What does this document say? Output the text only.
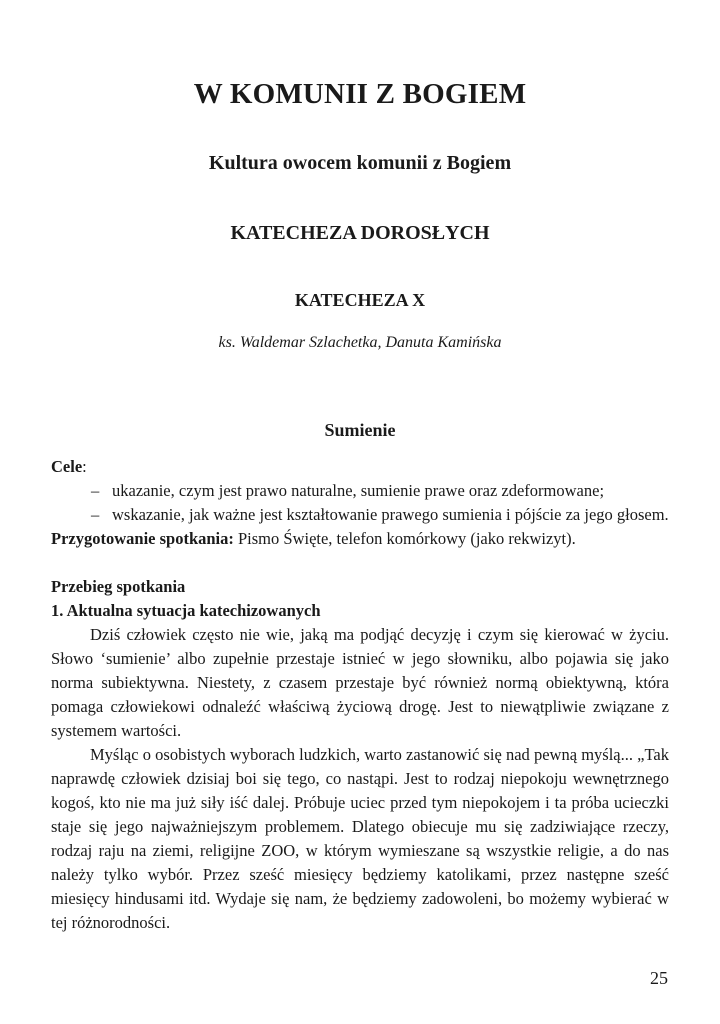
W KOMUNII Z BOGIEM
Kultura owocem komunii z Bogiem
KATECHEZA DOROSŁYCH
KATECHEZA X
ks. Waldemar Szlachetka, Danuta Kamińska
Sumienie

Cele:

– ukazanie, czym jest prawo naturalne, sumienie prawe oraz zdeformowane;
– wskazanie, jak ważne jest kształtowanie prawego sumienia i pójście za jego głosem.

Przygotowanie spotkania: Pismo Święte, telefon komórkowy (jako rekwizyt).

Przebieg spotkania

1. Aktualna sytuacja katechizowanych

Dziś człowiek często nie wie, jaką ma podjąć decyzję i czym się kierować w życiu. Słowo ‘sumienie’ albo zupełnie przestaje istnieć w jego słowniku, albo pojawia się jako norma subiektywna. Niestety, z czasem przestaje być również normą obiektywną, która pomaga człowiekowi odnaleźć właściwą życiową drogę. Jest to niewątpliwie związane z systemem wartości.

Myśląc o osobistych wyborach ludzkich, warto zastanowić się nad pewną myślą... „Tak naprawdę człowiek dzisiaj boi się tego, co nastąpi. Jest to rodzaj niepokoju wewnętrznego kogoś, kto nie ma już siły iść dalej. Próbuje uciec przed tym niepokojem i ta próba ucieczki staje się jego najważniejszym problemem. Dlatego obiecuje mu się zadziwiające rzeczy, rodzaj raju na ziemi, religijne ZOO, w którym wymieszane są wszystkie religie, a do nas należy tylko wybór. Przez sześć miesięcy będziemy katolikami, przez następne sześć miesięcy hindusami itd. Wydaje się nam, że będziemy zadowoleni, bo możemy wybierać w tej różnorodności.

25
